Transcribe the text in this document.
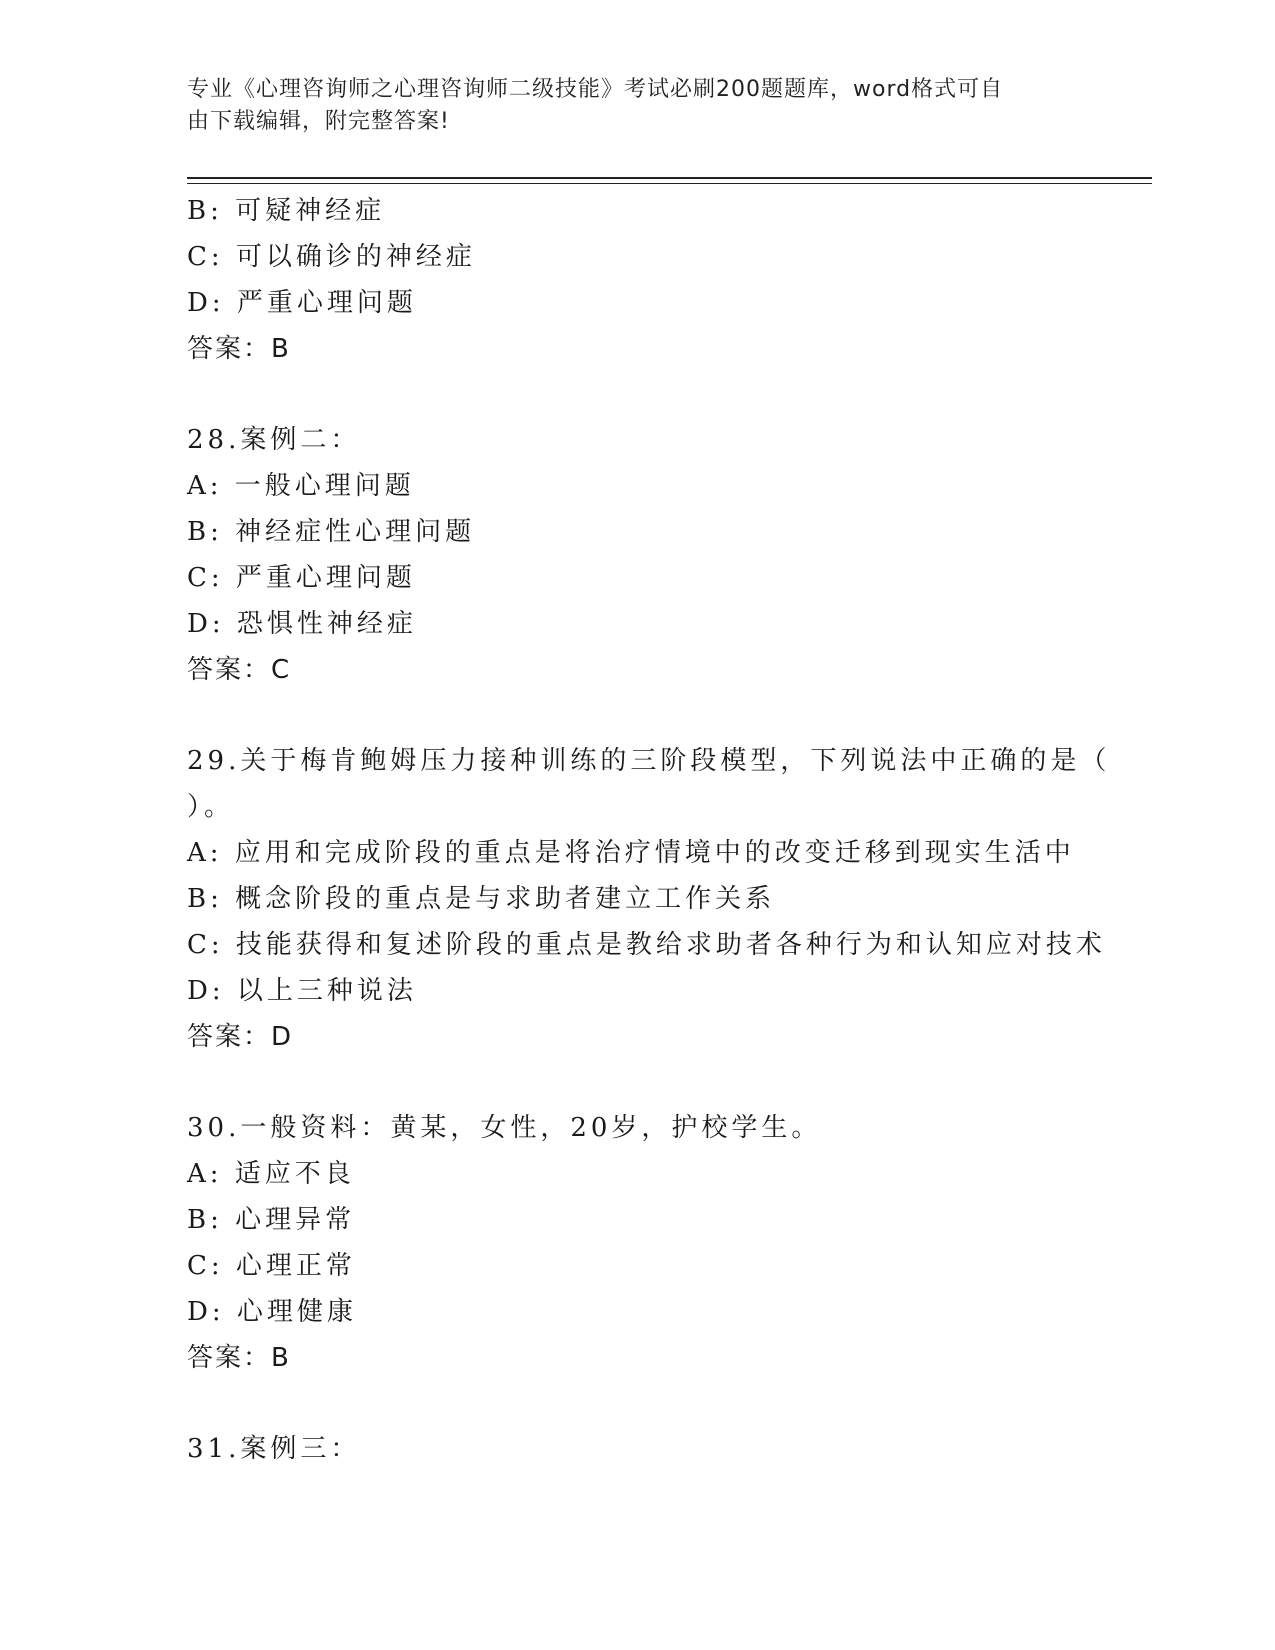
专业《心理咨询师之心理咨询师二级技能》考试必刷200题题库，word格式可自
由下载编辑，附完整答案!
B: 可疑神经症
C: 可以确诊的神经症
D: 严重心理问题
答案：B
28.案例二：
A: 一般心理问题
B: 神经症性心理问题
C: 严重心理问题
D: 恐惧性神经症
答案：C
29.关于梅肯鲍姆压力接种训练的三阶段模型，下列说法中正确的是（
）。
A: 应用和完成阶段的重点是将治疗情境中的改变迁移到现实生活中
B: 概念阶段的重点是与求助者建立工作关系
C: 技能获得和复述阶段的重点是教给求助者各种行为和认知应对技术
D: 以上三种说法
答案：D
30.一般资料：黄某，女性，20岁，护校学生。
A: 适应不良
B: 心理异常
C: 心理正常
D: 心理健康
答案：B
31.案例三：
